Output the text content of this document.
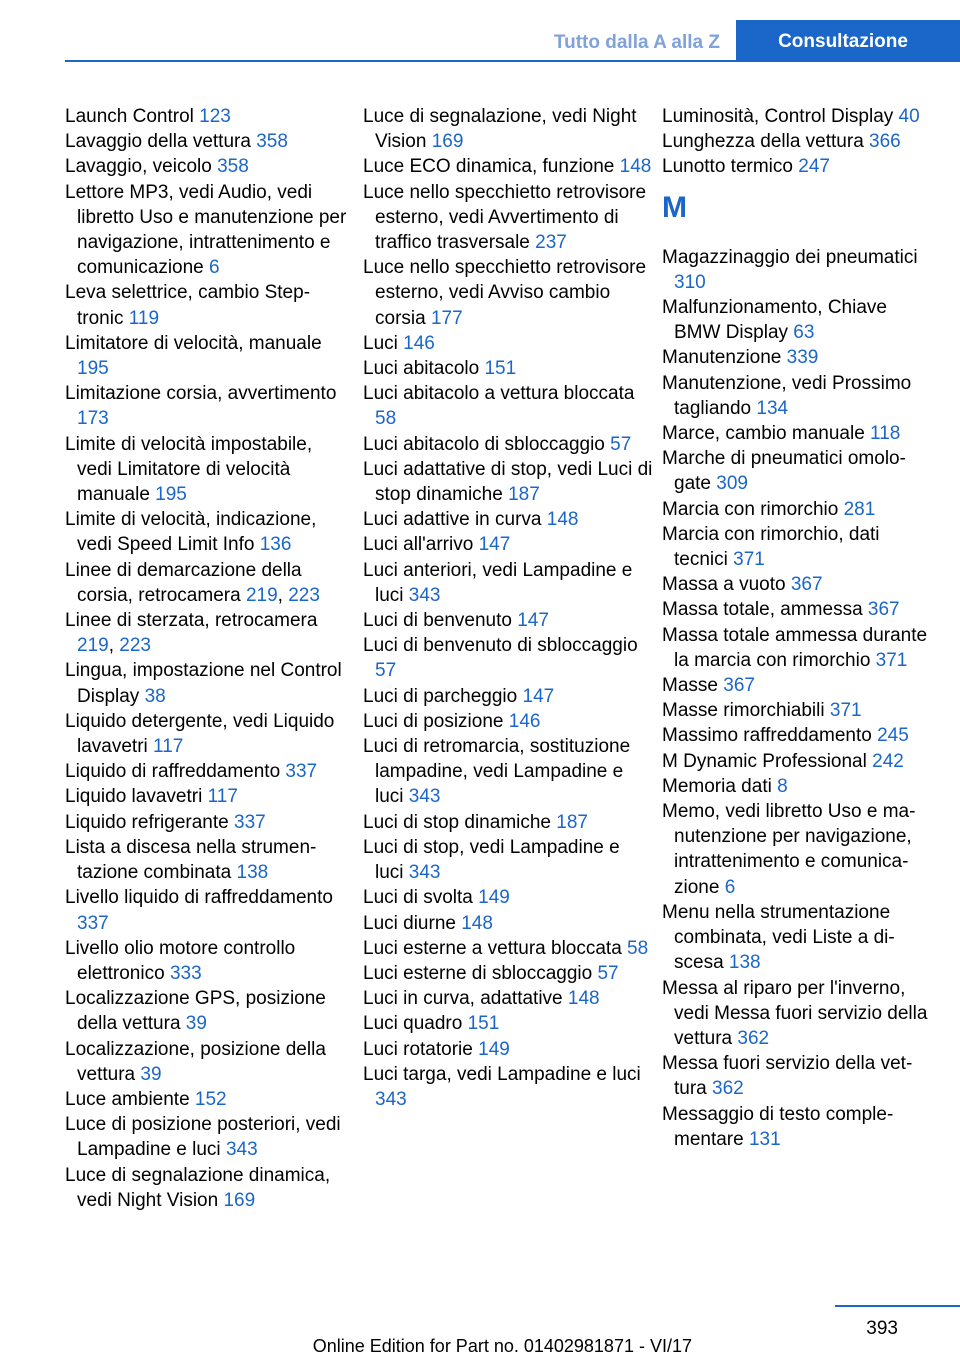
Tutto dalla A alla Z	Consultazione
Launch Control 123
Lavaggio della vettura 358
Lavaggio, veicolo 358
Lettore MP3, vedi Audio, vedi libretto Uso e manutenzione per navigazione, intrattenimento e comunicazione 6
Leva selettrice, cambio Steptronic 119
Limitatore di velocità, manuale 195
Limitazione corsia, avvertimento 173
Limite di velocità impostabile, vedi Limitatore di velocità manuale 195
Limite di velocità, indicazione, vedi Speed Limit Info 136
Linee di demarcazione della corsia, retrocamera 219, 223
Linee di sterzata, retrocamera 219, 223
Lingua, impostazione nel Control Display 38
Liquido detergente, vedi Liquido lavavetri 117
Liquido di raffreddamento 337
Liquido lavavetri 117
Liquido refrigerante 337
Lista a discesa nella strumentazione combinata 138
Livello liquido di raffreddamento 337
Livello olio motore controllo elettronico 333
Localizzazione GPS, posizione della vettura 39
Localizzazione, posizione della vettura 39
Luce ambiente 152
Luce di posizione posteriori, vedi Lampadine e luci 343
Luce di segnalazione dinamica, vedi Night Vision 169
Luce di segnalazione, vedi Night Vision 169
Luce ECO dinamica, funzione 148
Luce nello specchietto retrovisore esterno, vedi Avvertimento di traffico trasversale 237
Luce nello specchietto retrovisore esterno, vedi Avviso cambio corsia 177
Luci 146
Luci abitacolo 151
Luci abitacolo a vettura bloccata 58
Luci abitacolo di sbloccaggio 57
Luci adattative di stop, vedi Luci di stop dinamiche 187
Luci adattive in curva 148
Luci all'arrivo 147
Luci anteriori, vedi Lampadine e luci 343
Luci di benvenuto 147
Luci di benvenuto di sbloccaggio 57
Luci di parcheggio 147
Luci di posizione 146
Luci di retromarcia, sostituzione lampadine, vedi Lampadine e luci 343
Luci di stop dinamiche 187
Luci di stop, vedi Lampadine e luci 343
Luci di svolta 149
Luci diurne 148
Luci esterne a vettura bloccata 58
Luci esterne di sbloccaggio 57
Luci in curva, adattative 148
Luci quadro 151
Luci rotatorie 149
Luci targa, vedi Lampadine e luci 343
Luminosità, Control Display 40
Lunghezza della vettura 366
Lunotto termico 247
M
Magazzinaggio dei pneumatici 310
Malfunzionamento, Chiave BMW Display 63
Manutenzione 339
Manutenzione, vedi Prossimo tagliando 134
Marce, cambio manuale 118
Marche di pneumatici omologate 309
Marcia con rimorchio 281
Marcia con rimorchio, dati tecnici 371
Massa a vuoto 367
Massa totale, ammessa 367
Massa totale ammessa durante la marcia con rimorchio 371
Masse 367
Masse rimorchiabili 371
Massimo raffreddamento 245
M Dynamic Professional 242
Memoria dati 8
Memo, vedi libretto Uso e manutenzione per navigazione, intrattenimento e comunicazione 6
Menu nella strumentazione combinata, vedi Liste a discesa 138
Messa al riparo per l'inverno, vedi Messa fuori servizio della vettura 362
Messa fuori servizio della vettura 362
Messaggio di testo complementare 131
393
Online Edition for Part no. 01402981871 - VI/17
